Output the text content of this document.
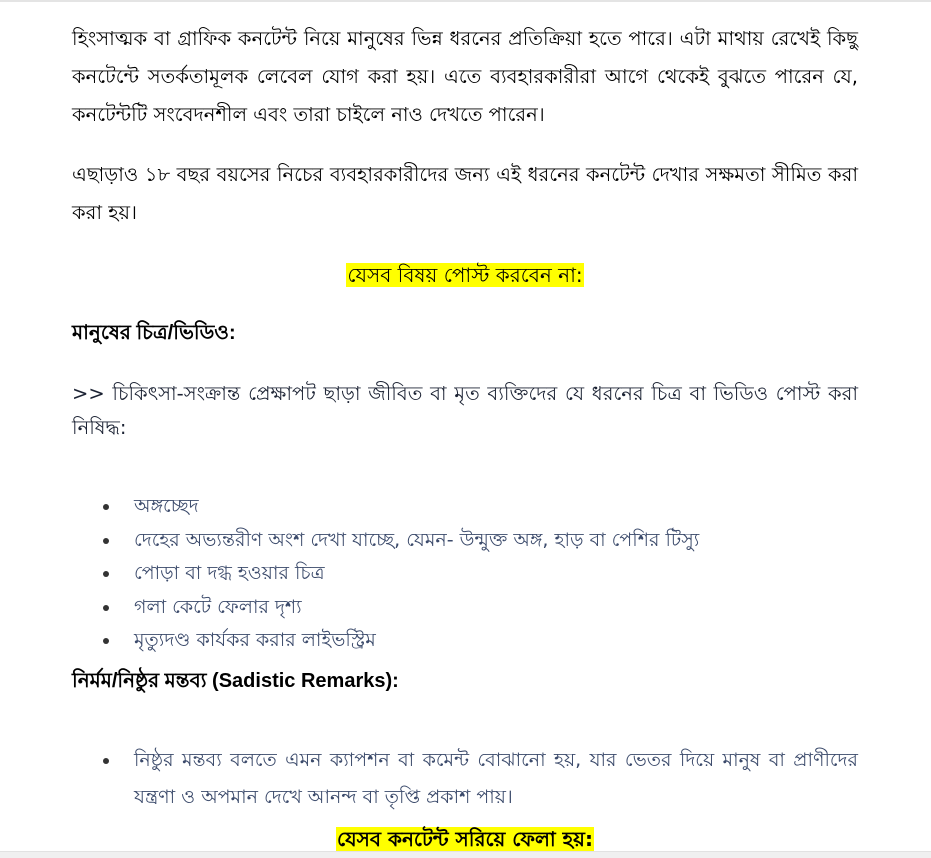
হিংসাত্মক বা গ্রাফিক কনটেন্ট নিয়ে মানুষের ভিন্ন ধরনের প্রতিক্রিয়া হতে পারে। এটা মাথায় রেখেই কিছু কনটেন্টে সতর্কতামূলক লেবেল যোগ করা হয়। এতে ব্যবহারকারীরা আগে থেকেই বুঝতে পারেন যে, কনটেন্টটি সংবেদনশীল এবং তারা চাইলে নাও দেখতে পারেন।

এছাড়াও ১৮ বছর বয়সের নিচের ব্যবহারকারীদের জন্য এই ধরনের কনটেন্ট দেখার সক্ষমতা সীমিত করা করা হয়।

যেসব বিষয় পোস্ট করবেন না:
মানুষের চিত্র/ভিডিও:

>> চিকিৎসা-সংক্রান্ত প্রেক্ষাপট ছাড়া জীবিত বা মৃত ব্যক্তিদের যে ধরনের চিত্র বা ভিডিও পোস্ট করা নিষিদ্ধ:

অঙ্গচ্ছেদ
দেহের অভ্যন্তরীণ অংশ দেখা যাচ্ছে, যেমন- উন্মুক্ত অঙ্গ, হাড় বা পেশির টিস্যু
পোড়া বা দগ্ধ হওয়ার চিত্র
গলা কেটে ফেলার দৃশ্য
মৃত্যুদণ্ড কার্যকর করার লাইভস্ট্রিম
নির্মম/নিষ্ঠুর মন্তব্য (Sadistic Remarks):
নিষ্ঠুর মন্তব্য বলতে এমন ক্যাপশন বা কমেন্ট বোঝানো হয়, যার ভেতর দিয়ে মানুষ বা প্রাণীদের যন্ত্রণা ও অপমান দেখে আনন্দ বা তৃপ্তি প্রকাশ পায়।
যেসব কনটেন্ট সরিয়ে ফেলা হয়:
